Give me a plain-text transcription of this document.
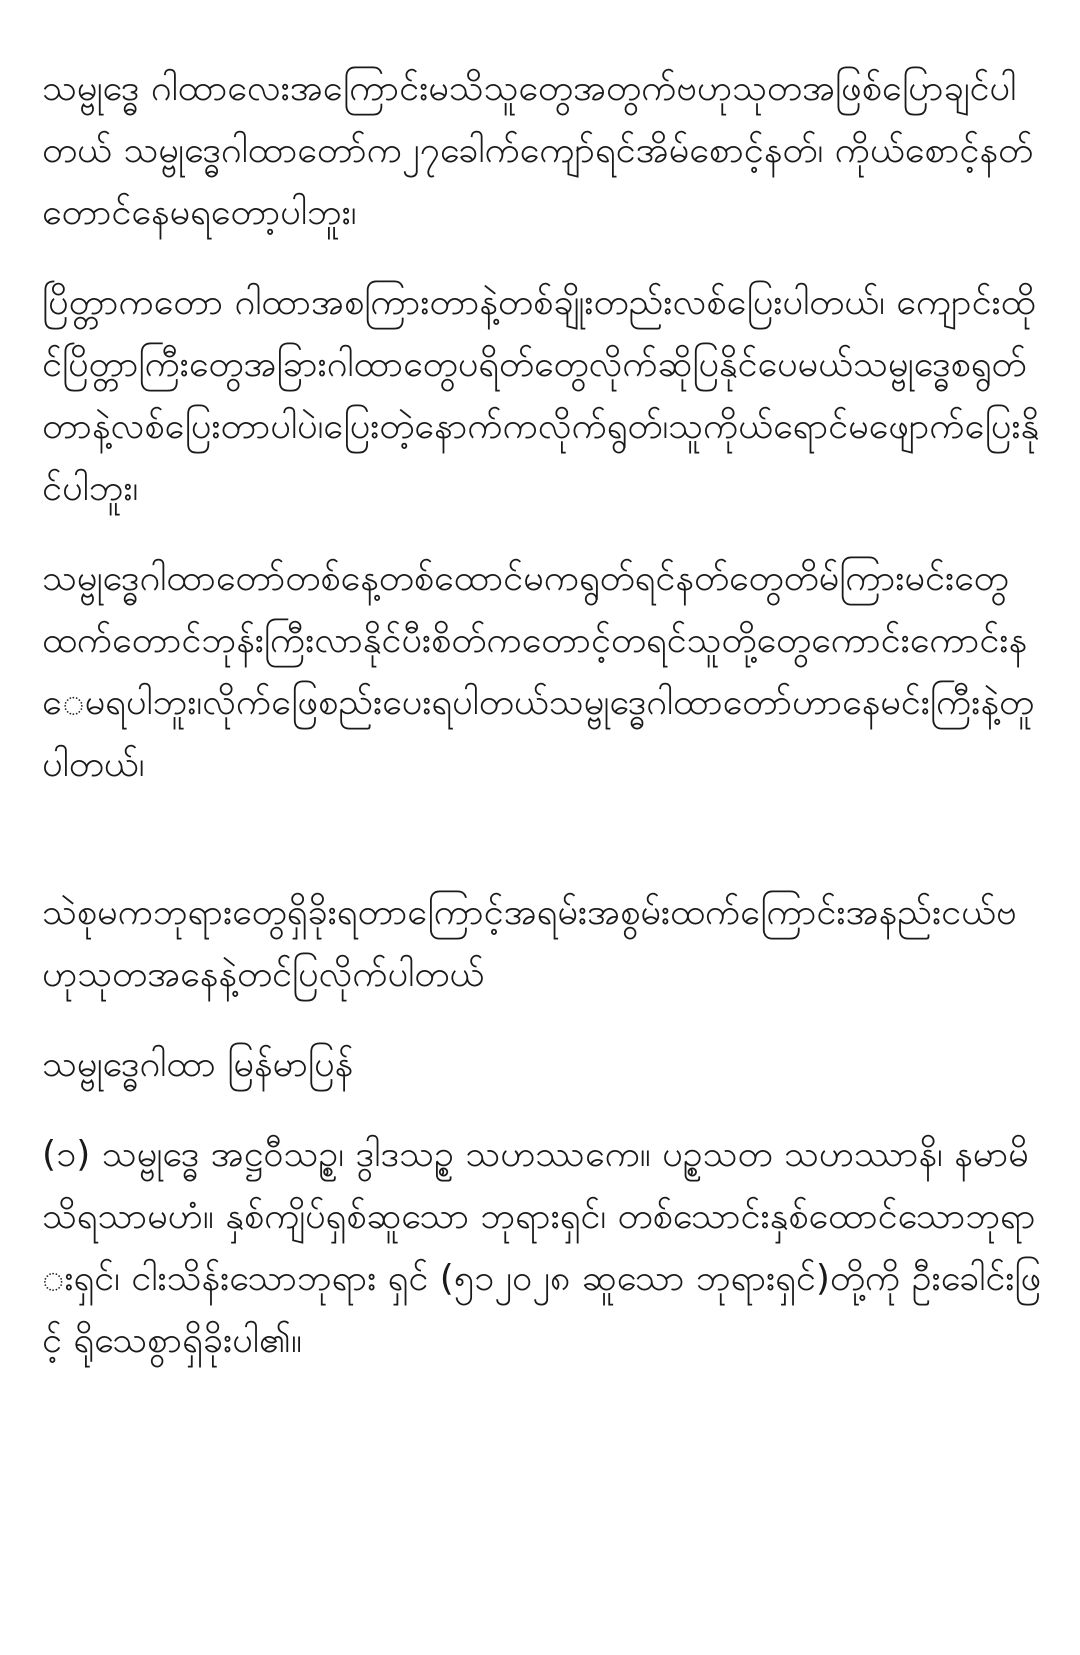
သမ္ဗုဒ္ဓေ ဂါထာလေးအကြောင်းမသိသူတွေအတွက်ဗဟုသုတအဖြစ်ပြောချင်ပါတယ် သမ္ဗုဒ္ဓေဂါထာတော်က၂၇ခေါက်ကျော်ရင်အိမ်စောင့်နတ်၊ ကိုယ်စောင့်နတ်တောင်နေမရတော့ပါဘူး၊

ပြိတ္တာကတော ဂါထာအစကြားတာနဲ့တစ်ချိုးတည်းလစ်ပြေးပါတယ်၊ ကျောင်းထိုင်ပြိတ္တာကြီးတွေအခြားဂါထာတွေပရိတ်တွေလိုက်ဆိုပြနိုင်ပေမယ်သမ္ဗုဒ္ဓေစရွတ်တာနဲ့လစ်ပြေးတာပါပဲ၊ပြေးတဲ့နောက်ကလိုက်ရွတ်၊သူကိုယ်ရောင်မဖျောက်ပြေးနိုင်ပါဘူး၊

သမ္ဗုဒ္ဓေဂါထာတော်တစ်နေ့တစ်ထောင်မကရွတ်ရင်နတ်တွေတိမ်ကြားမင်းတွေထက်တောင်ဘုန်းကြီးလာနိုင်ပီးစိတ်ကတောင့်တရင်သူတို့တွေကောင်းကောင်းနေမရပါဘူး၊လိုက်ဖြေစည်းပေးရပါတယ်သမ္ဗုဒ္ဓေဂါထာတော်ဟာနေမင်းကြီးနဲ့တူပါတယ်၊

သဲစုမကဘုရားတွေရှိခိုးရတာကြောင့်အရမ်းအစွမ်းထက်ကြောင်းအနည်းငယ်ဗဟုသုတအနေနဲ့တင်ပြလိုက်ပါတယ်

သမ္ဗုဒ္ဓေဂါထာ မြန်မာပြန်

(၁) သမ္ဗုဒ္ဓေ အဋ္ဌဝီသဉ္စ၊ ဒွါဒသဉ္စ သဟဿကေ။ ပဉ္စသတ သဟဿာနိ၊ နမာမိ သိရသာမဟံ။ နှစ်ကျိပ်ရှစ်ဆူသော ဘုရားရှင်၊ တစ်သောင်းနှစ်ထောင်သောဘုရားရှင်၊ ငါးသိန်းသောဘုရား ရှင် (၅၁၂၀၂၈ ဆူသော ဘုရားရှင်)တို့ကို ဦးခေါင်းဖြင့် ရိုသေစွာရှိခိုးပါ၏။
